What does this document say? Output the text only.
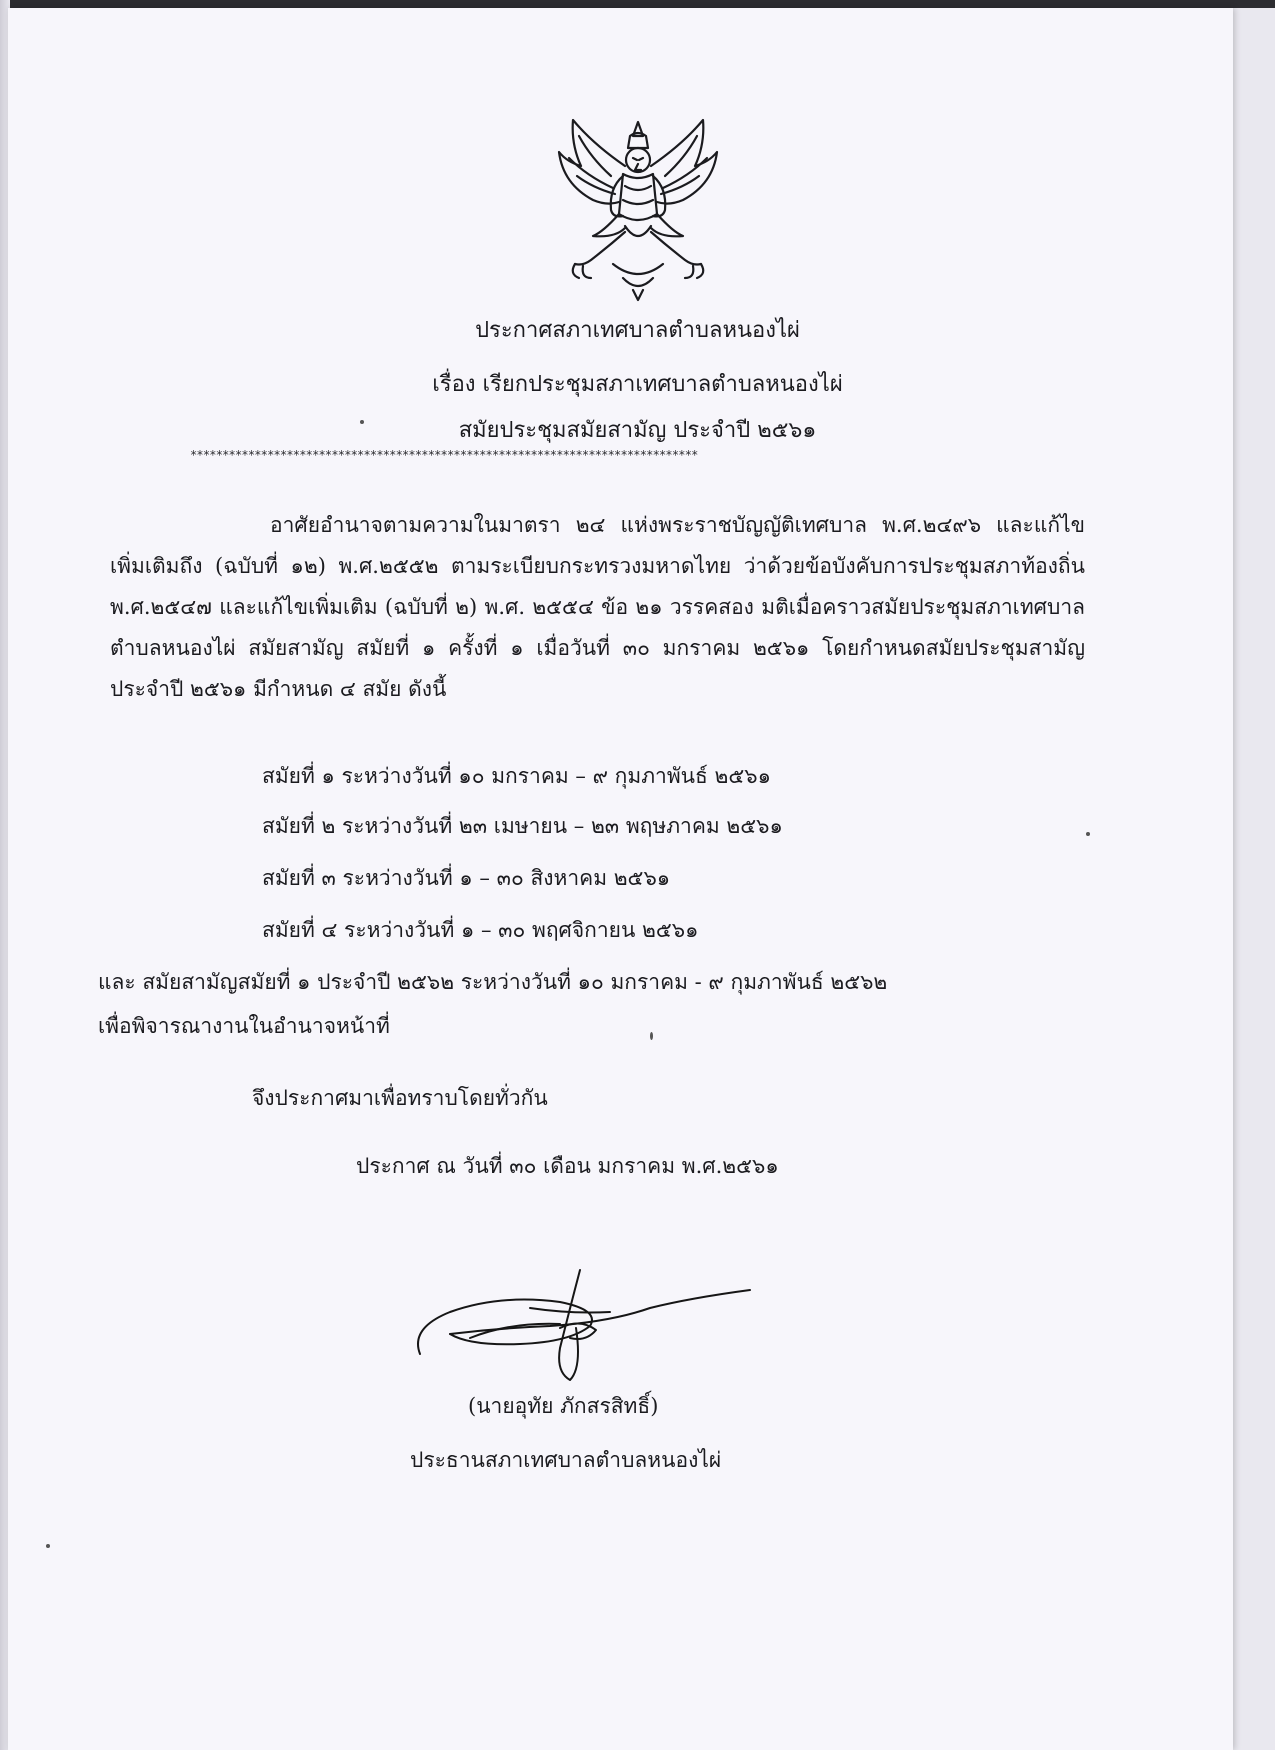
ประกาศสภาเทศบาลตำบลหนองไผ่
เรื่อง เรียกประชุมสภาเทศบาลตำบลหนองไผ่
สมัยประชุมสมัยสามัญ ประจำปี ๒๕๖๑
*******************************************************************************
อาศัยอำนาจตามความในมาตรา ๒๔ แห่งพระราชบัญญัติเทศบาล พ.ศ.๒๔๙๖ และแก้ไขเพิ่มเติมถึง (ฉบับที่ ๑๒) พ.ศ.๒๕๕๒ ตามระเบียบกระทรวงมหาดไทย ว่าด้วยข้อบังคับการประชุมสภาท้องถิ่น พ.ศ.๒๕๔๗ และแก้ไขเพิ่มเติม (ฉบับที่ ๒) พ.ศ. ๒๕๕๔ ข้อ ๒๑ วรรคสอง มติเมื่อคราวสมัยประชุมสภาเทศบาลตำบลหนองไผ่ สมัยสามัญ สมัยที่ ๑ ครั้งที่ ๑ เมื่อวันที่ ๓๐ มกราคม ๒๕๖๑ โดยกำหนดสมัยประชุมสามัญ ประจำปี ๒๕๖๑ มีกำหนด ๔ สมัย ดังนี้
สมัยที่ ๑ ระหว่างวันที่ ๑๐ มกราคม – ๙ กุมภาพันธ์ ๒๕๖๑
สมัยที่ ๒ ระหว่างวันที่ ๒๓ เมษายน – ๒๓ พฤษภาคม ๒๕๖๑
สมัยที่ ๓ ระหว่างวันที่ ๑ – ๓๐ สิงหาคม ๒๕๖๑
สมัยที่ ๔ ระหว่างวันที่ ๑ – ๓๐ พฤศจิกายน ๒๕๖๑
และ สมัยสามัญสมัยที่ ๑ ประจำปี ๒๕๖๒ ระหว่างวันที่ ๑๐ มกราคม - ๙ กุมภาพันธ์ ๒๕๖๒
เพื่อพิจารณางานในอำนาจหน้าที่
จึงประกาศมาเพื่อทราบโดยทั่วกัน
ประกาศ ณ วันที่ ๓๐ เดือน มกราคม พ.ศ.๒๕๖๑
(นายอุทัย ภักสรสิทธิ์)
ประธานสภาเทศบาลตำบลหนองไผ่
